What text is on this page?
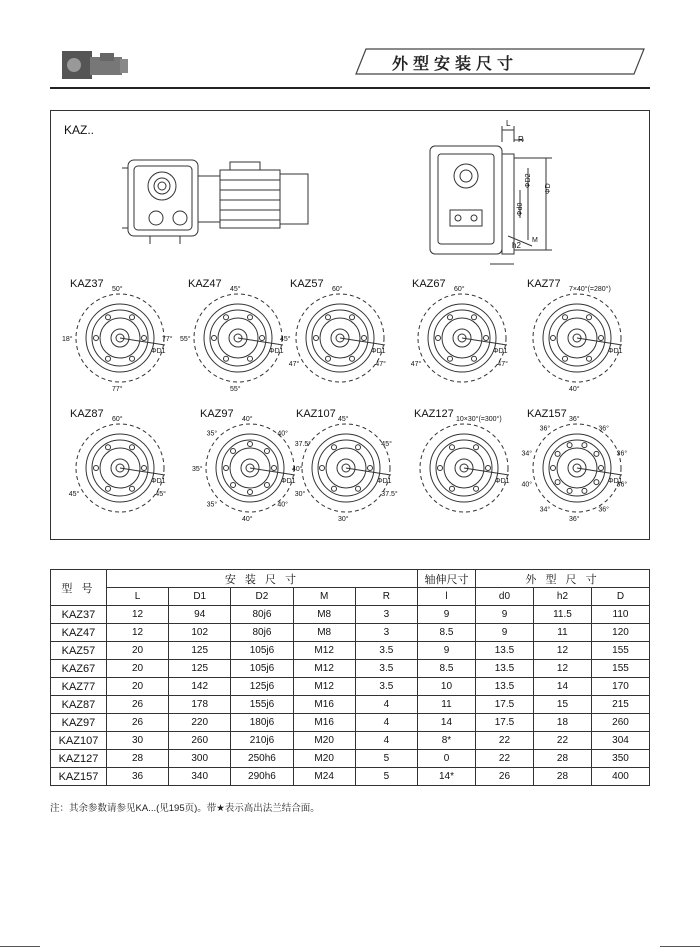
外型安装尺寸
KAZ..	L
R
ΦD2
ΦD
Φd0
h2
M
KAZ37 50°
77°
77°
18°
ΦD1
KAZ47 45°
45°
55°
55°
ΦD1
KAZ57 60°
47°
47°
ΦD1
KAZ67 60°
47°
47°
ΦD1
KAZ77 7×40°(=280°)
40°
ΦD1
KAZ87 60°
45°
45°
ΦD1
KAZ97 40°
40°
40°
40°
40°
35°
35°
35°
ΦD1
KAZ107 45°
45°
37.5°
30°
30°
37.5°
ΦD1
KAZ127 10×30°(=300°)
ΦD1
KAZ157 36°
36°
36°
36°
36°
36°
34°
40°
34°
36°
ΦD1
型 号	安 装 尺 寸					轴伸尺寸	外 型 尺 寸		
	L	D1	D2	M	R	l	d0	h2	D
KAZ37	12	94	80j6	M8	3	9	9	11.5	110
KAZ47	12	102	80j6	M8	3	8.5	9	11	120
KAZ57	20	125	105j6	M12	3.5	9	13.5	12	155
KAZ67	20	125	105j6	M12	3.5	8.5	13.5	12	155
KAZ77	20	142	125j6	M12	3.5	10	13.5	14	170
KAZ87	26	178	155j6	M16	4	11	17.5	15	215
KAZ97	26	220	180j6	M16	4	14	17.5	18	260
KAZ107	30	260	210j6	M20	4	8*	22	22	304
KAZ127	28	300	250h6	M20	5	0	22	28	350
KAZ157	36	340	290h6	M24	5	14*	26	28	400
注：其余参数请参见KA...(见195页)。带★表示高出法兰结合面。
